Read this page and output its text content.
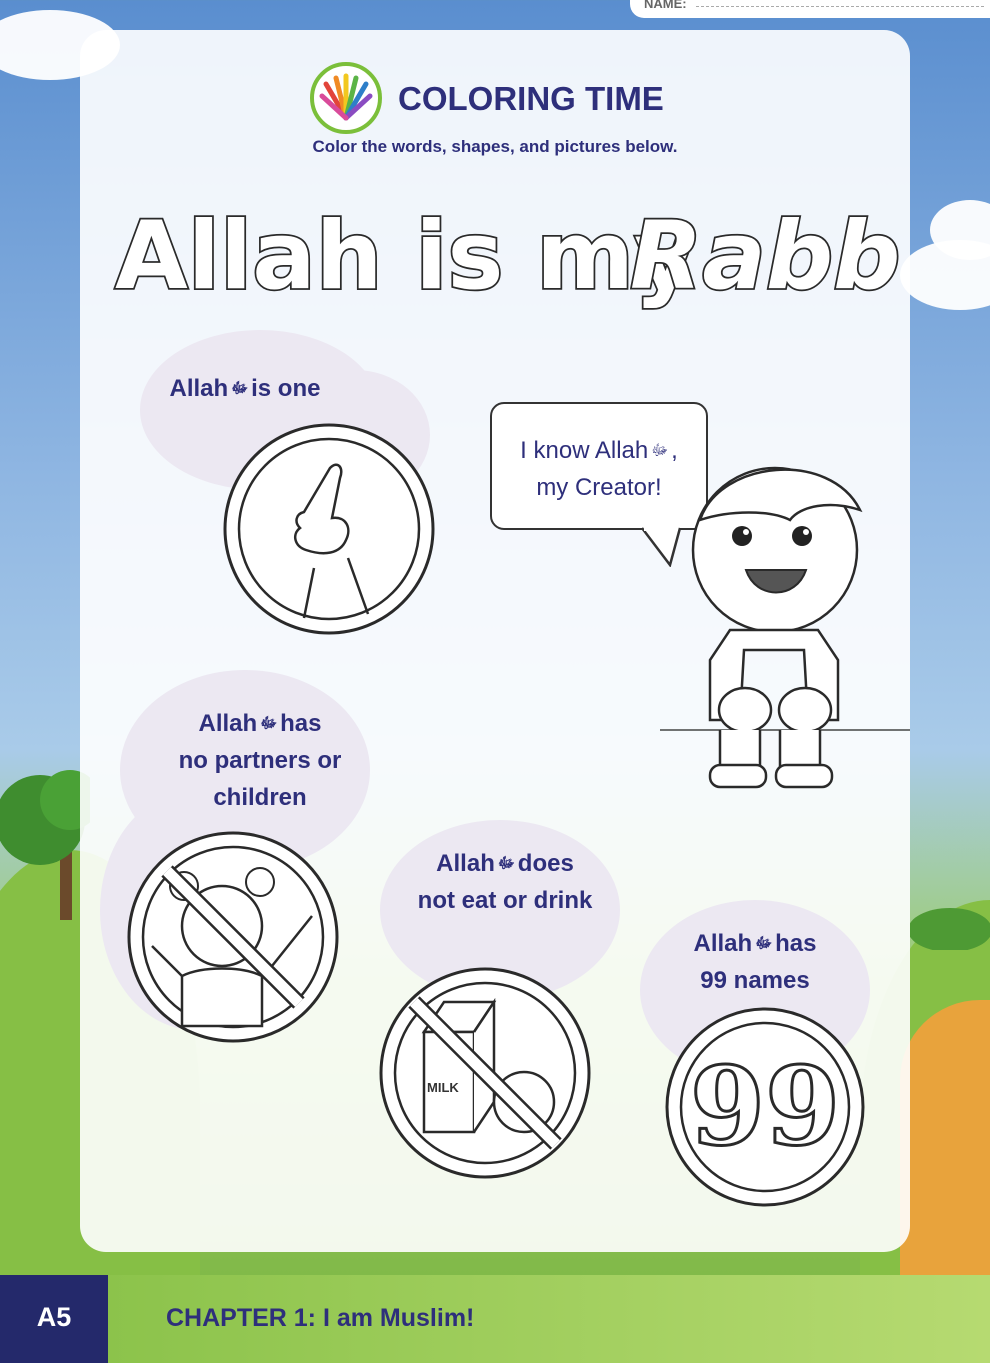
NAME:
COLORING TIME
Color the words, shapes, and pictures below.
Allah is my
Rabb
Allah ﷻ is one
I know Allah ﷻ ,
my Creator!
Allah ﷻ has
no partners or
children
Allah ﷻ does
not eat or drink
MILK
Allah ﷻ has
99 names
99
A5	CHAPTER 1: I am Muslim!
